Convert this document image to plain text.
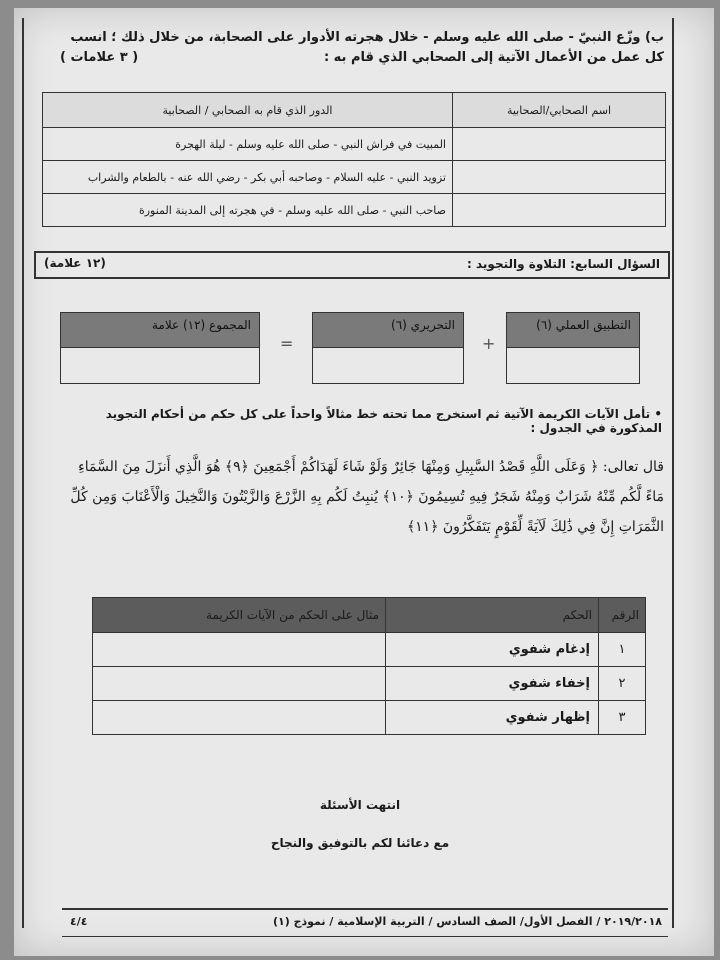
ب) وزّع النبيّ - صلى الله عليه وسلم - خلال هجرته الأدوار على الصحابة، من خلال ذلك ؛ انسب كل عمل من الأعمال الآتية إلى الصحابي الذي قام به :
( ٣ علامات )
اسم الصحابي/الصحابية	الدور الذي قام به الصحابي / الصحابية
	المبيت في فراش النبي - صلى الله عليه وسلم - ليلة الهجرة
	تزويد النبي - عليه السلام - وصاحبه أبي بكر - رضي الله عنه - بالطعام والشراب
	صاحب النبي - صلى الله عليه وسلم - في هجرته إلى المدينة المنورة
السؤال السابع: التلاوة والتجويد :
(١٢ علامة)
التطبيق العملي (٦)
+
التحريري (٦)
=
المجموع (١٢) علامة
• تأمل الآيات الكريمة الآتية ثم استخرج مما تحته خط مثالاً واحداً على كل حكم من أحكام التجويد المذكورة في الجدول :
قال تعالى: ﴿ وَعَلَى اللَّهِ قَصْدُ السَّبِيلِ وَمِنْهَا جَائِرٌ وَلَوْ شَاءَ لَهَدَاكُمْ أَجْمَعِينَ ﴿٩﴾ هُوَ الَّذِي أَنزَلَ مِنَ السَّمَاءِ مَاءً لَّكُم مِّنْهُ شَرَابٌ وَمِنْهُ شَجَرٌ فِيهِ تُسِيمُونَ ﴿١٠﴾ يُنبِتُ لَكُم بِهِ الزَّرْعَ وَالزَّيْتُونَ وَالنَّخِيلَ وَالْأَعْنَابَ وَمِن كُلِّ الثَّمَرَاتِ إِنَّ فِي ذَٰلِكَ لَآيَةً لِّقَوْمٍ يَتَفَكَّرُونَ ﴿١١﴾
الرقم	الحكم	مثال على الحكم من الآيات الكريمة
١	إدغام شفوي	
٢	إخفاء شفوي	
٣	إظهار شفوي	
انتهت الأسئلة
مع دعائنا لكم بالتوفيق والنجاح
٢٠١٩/٢٠١٨ / الفصل الأول/ الصف السادس / التربية الإسلامية / نموذج (١)
٤/٤
